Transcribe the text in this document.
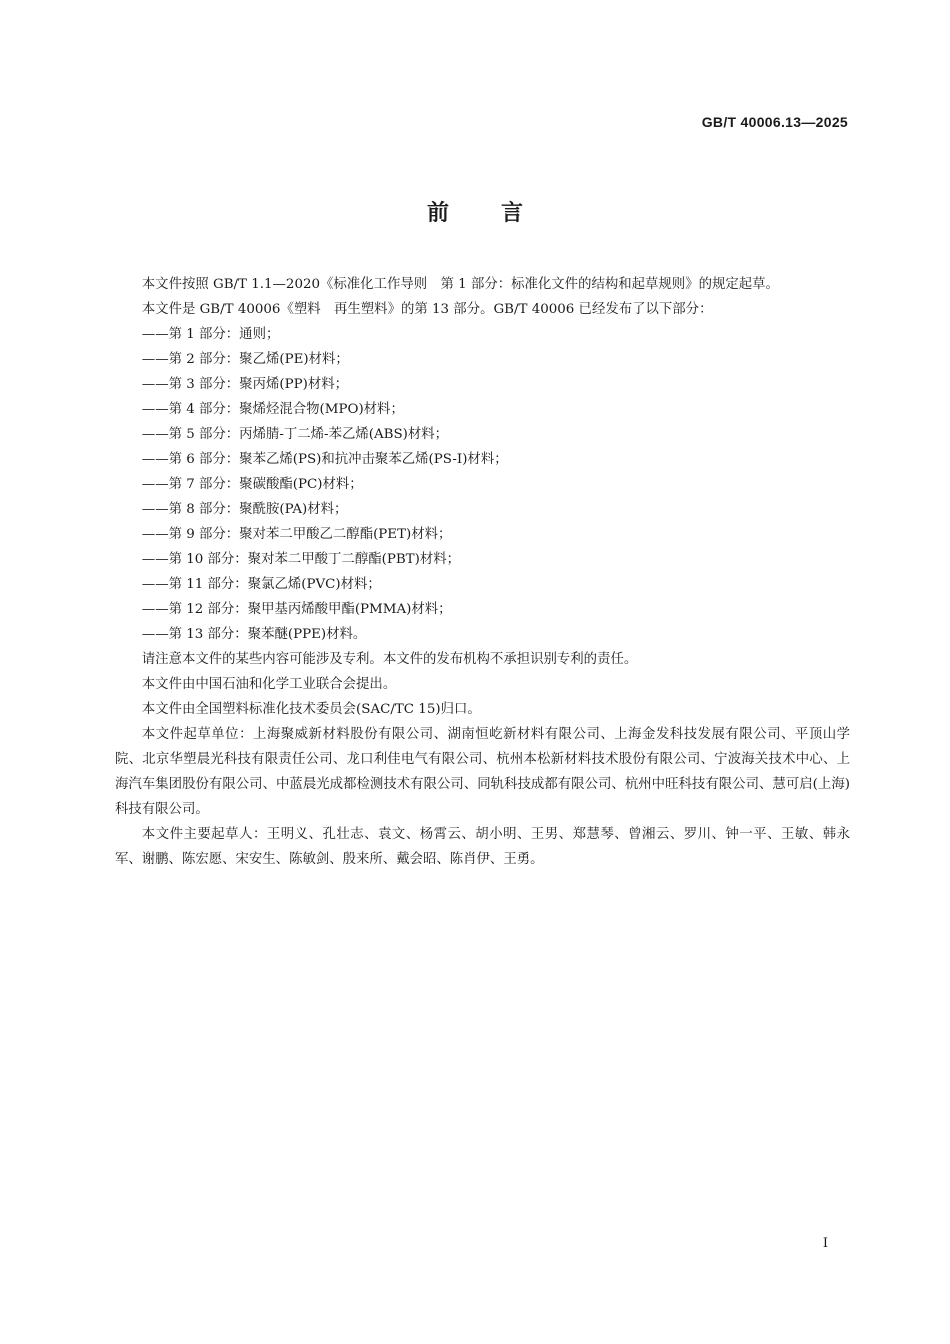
GB/T 40006.13—2025
前言

本文件按照 GB/T 1.1—2020《标准化工作导则　第 1 部分：标准化文件的结构和起草规则》的规定起草。

本文件是 GB/T 40006《塑料　再生塑料》的第 13 部分。GB/T 40006 已经发布了以下部分：

——第 1 部分：通则；

——第 2 部分：聚乙烯(PE)材料；

——第 3 部分：聚丙烯(PP)材料；

——第 4 部分：聚烯烃混合物(MPO)材料；

——第 5 部分：丙烯腈-丁二烯-苯乙烯(ABS)材料；

——第 6 部分：聚苯乙烯(PS)和抗冲击聚苯乙烯(PS-I)材料；

——第 7 部分：聚碳酸酯(PC)材料；

——第 8 部分：聚酰胺(PA)材料；

——第 9 部分：聚对苯二甲酸乙二醇酯(PET)材料；

——第 10 部分：聚对苯二甲酸丁二醇酯(PBT)材料；

——第 11 部分：聚氯乙烯(PVC)材料；

——第 12 部分：聚甲基丙烯酸甲酯(PMMA)材料；

——第 13 部分：聚苯醚(PPE)材料。

请注意本文件的某些内容可能涉及专利。本文件的发布机构不承担识别专利的责任。

本文件由中国石油和化学工业联合会提出。

本文件由全国塑料标准化技术委员会(SAC/TC 15)归口。

本文件起草单位：上海聚威新材料股份有限公司、湖南恒屹新材料有限公司、上海金发科技发展有限公司、平顶山学院、北京华塑晨光科技有限责任公司、龙口利佳电气有限公司、杭州本松新材料技术股份有限公司、宁波海关技术中心、上海汽车集团股份有限公司、中蓝晨光成都检测技术有限公司、同轨科技成都有限公司、杭州中旺科技有限公司、慧可启(上海)科技有限公司。

本文件主要起草人：王明义、孔壮志、袁文、杨霄云、胡小明、王男、郑慧琴、曾湘云、罗川、钟一平、王敏、韩永军、谢鹏、陈宏愿、宋安生、陈敏剑、殷来所、戴会昭、陈肖伊、王勇。

I
